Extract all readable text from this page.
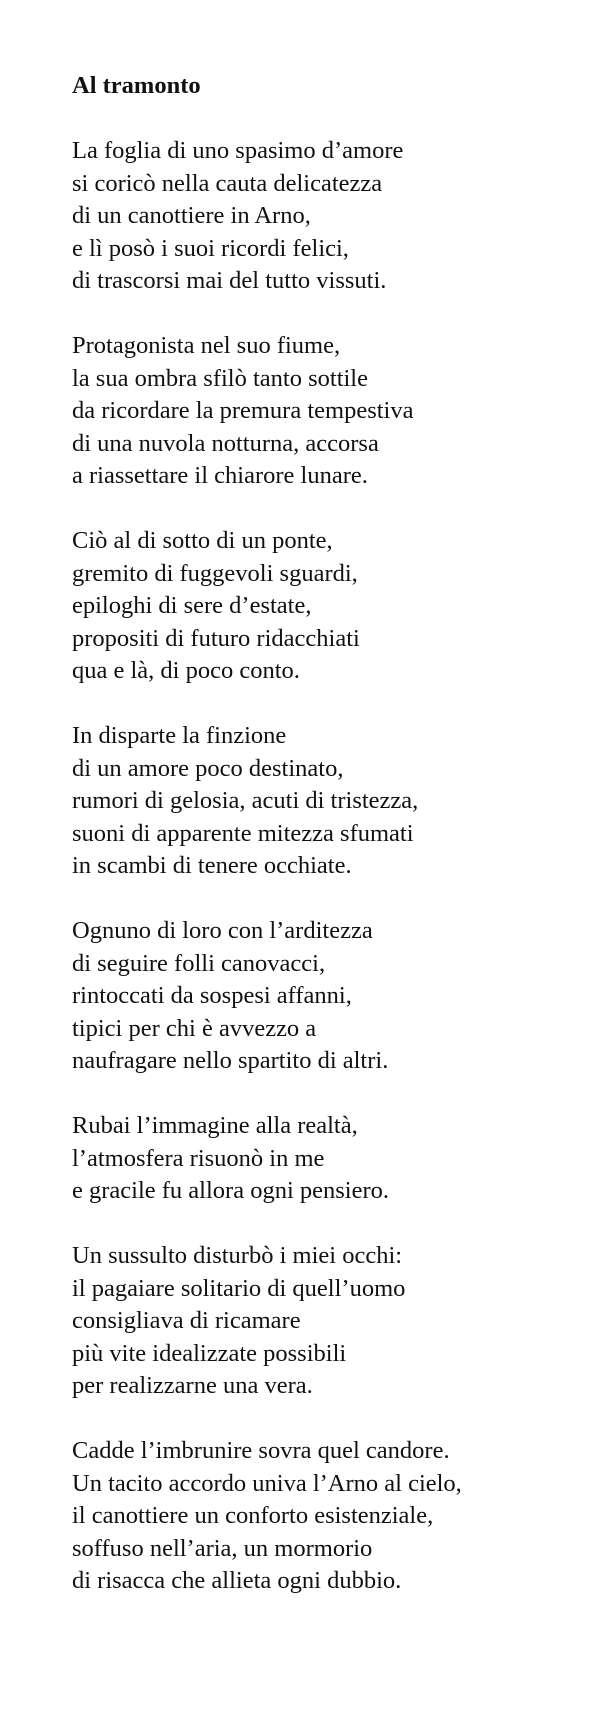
Al tramonto
La foglia di uno spasimo d’amore
si coricò nella cauta delicatezza
di un canottiere in Arno,
e lì posò i suoi ricordi felici,
di trascorsi mai del tutto vissuti.
Protagonista nel suo fiume,
la sua ombra sfilò tanto sottile
da ricordare la premura tempestiva
di una nuvola notturna, accorsa
a riassettare il chiarore lunare.
Ciò al di sotto di un ponte,
gremito di fuggevoli sguardi,
epiloghi di sere d’estate,
propositi di futuro ridacchiati
qua e là, di poco conto.
In disparte la finzione
di un amore poco destinato,
rumori di gelosia, acuti di tristezza,
suoni di apparente mitezza sfumati
in scambi di tenere occhiate.
Ognuno di loro con l’arditezza
di seguire folli canovacci,
rintoccati da sospesi affanni,
tipici per chi è avvezzo a
naufragare nello spartito di altri.
Rubai l’immagine alla realtà,
l’atmosfera risuonò in me
e gracile fu allora ogni pensiero.
Un sussulto disturbò i miei occhi:
il pagaiare solitario di quell’uomo
consigliava di ricamare
più vite idealizzate possibili
per realizzarne una vera.
Cadde l’imbrunire sovra quel candore.
Un tacito accordo univa l’Arno al cielo,
il canottiere un conforto esistenziale,
soffuso nell’aria, un mormorio
di risacca che allieta ogni dubbio.
